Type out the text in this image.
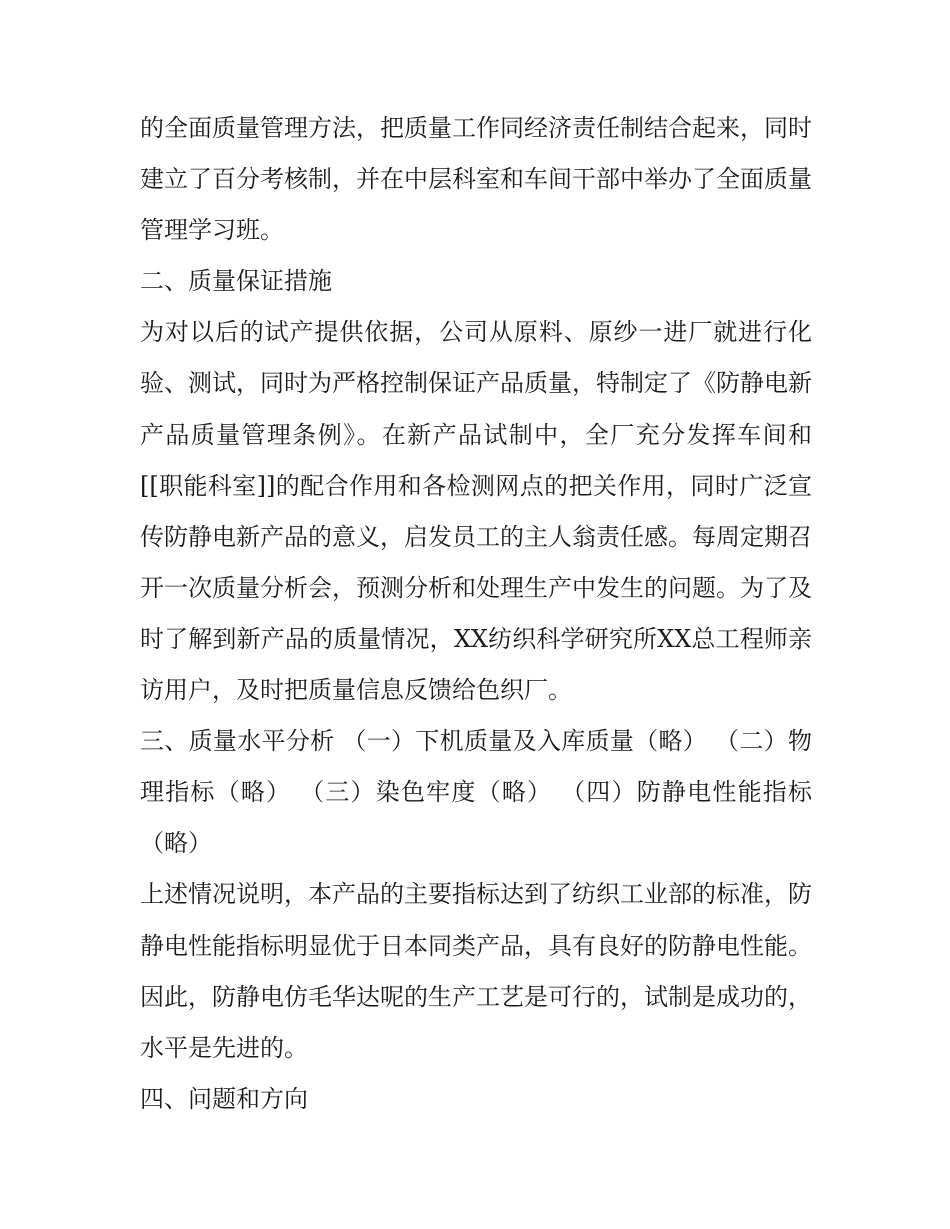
的全面质量管理方法，把质量工作同经济责任制结合起来，同时建立了百分考核制，并在中层科室和车间干部中举办了全面质量管理学习班。

二、质量保证措施

为对以后的试产提供依据，公司从原料、原纱一进厂就进行化验、测试，同时为严格控制保证产品质量，特制定了《防静电新产品质量管理条例》。在新产品试制中，全厂充分发挥车间和[[职能科室]]的配合作用和各检测网点的把关作用，同时广泛宣传防静电新产品的意义，启发员工的主人翁责任感。每周定期召开一次质量分析会，预测分析和处理生产中发生的问题。为了及时了解到新产品的质量情况，XX纺织科学研究所XX总工程师亲访用户，及时把质量信息反馈给色织厂。

三、质量水平分析 （一）下机质量及入库质量（略） （二）物理指标（略） （三）染色牢度（略） （四）防静电性能指标（略）

上述情况说明，本产品的主要指标达到了纺织工业部的标准，防静电性能指标明显优于日本同类产品，具有良好的防静电性能。因此，防静电仿毛华达呢的生产工艺是可行的，试制是成功的，水平是先进的。

四、问题和方向
